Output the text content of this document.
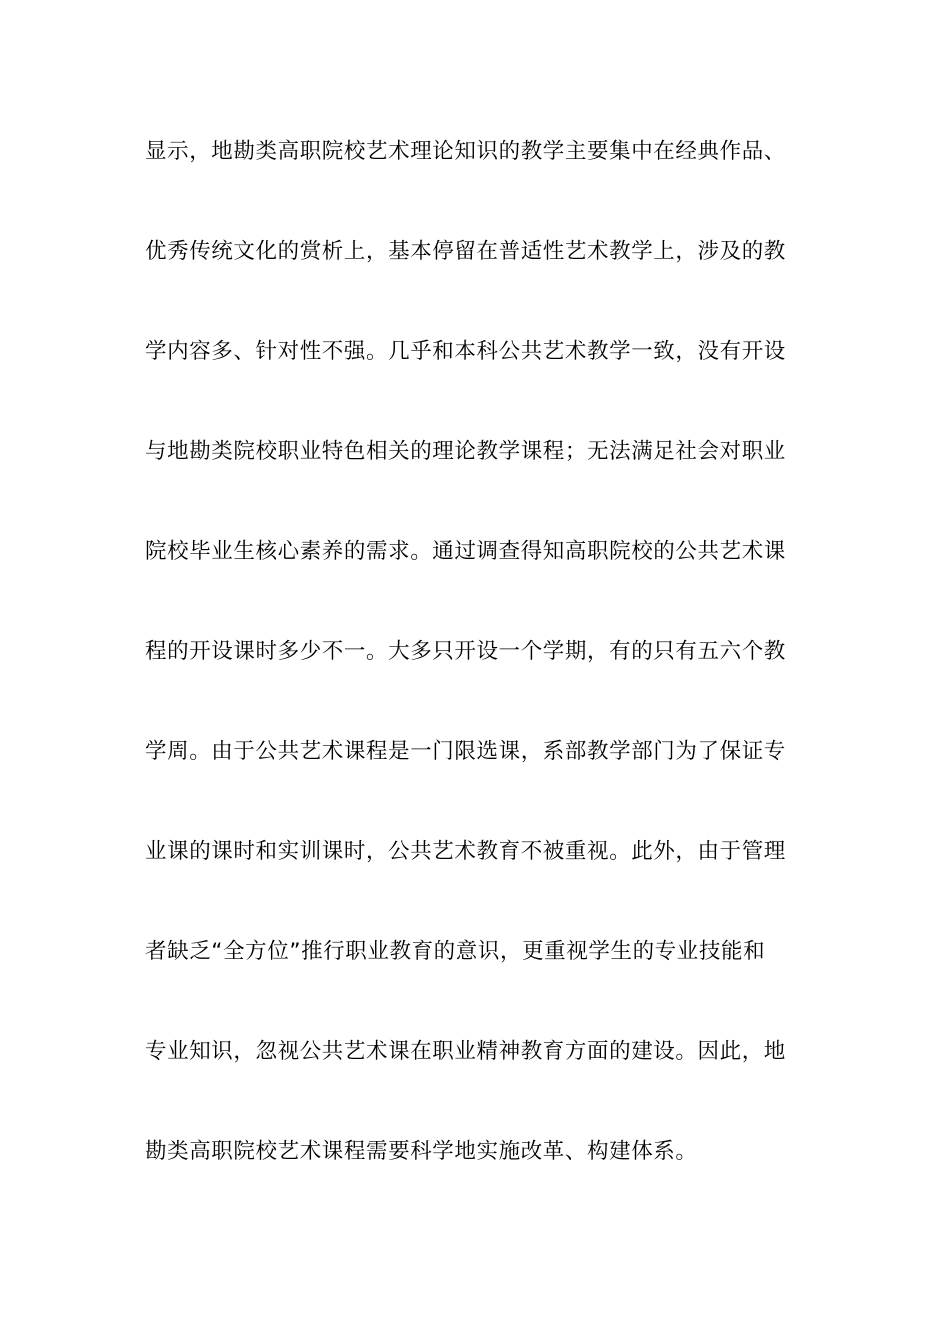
显示，地勘类高职院校艺术理论知识的教学主要集中在经典作品、
优秀传统文化的赏析上，基本停留在普适性艺术教学上，涉及的教
学内容多、针对性不强。几乎和本科公共艺术教学一致，没有开设
与地勘类院校职业特色相关的理论教学课程；无法满足社会对职业
院校毕业生核心素养的需求。通过调查得知高职院校的公共艺术课
程的开设课时多少不一。大多只开设一个学期，有的只有五六个教
学周。由于公共艺术课程是一门限选课，系部教学部门为了保证专
业课的课时和实训课时，公共艺术教育不被重视。此外，由于管理
者缺乏“全方位”推行职业教育的意识，更重视学生的专业技能和
专业知识，忽视公共艺术课在职业精神教育方面的建设。因此，地
勘类高职院校艺术课程需要科学地实施改革、构建体系。
